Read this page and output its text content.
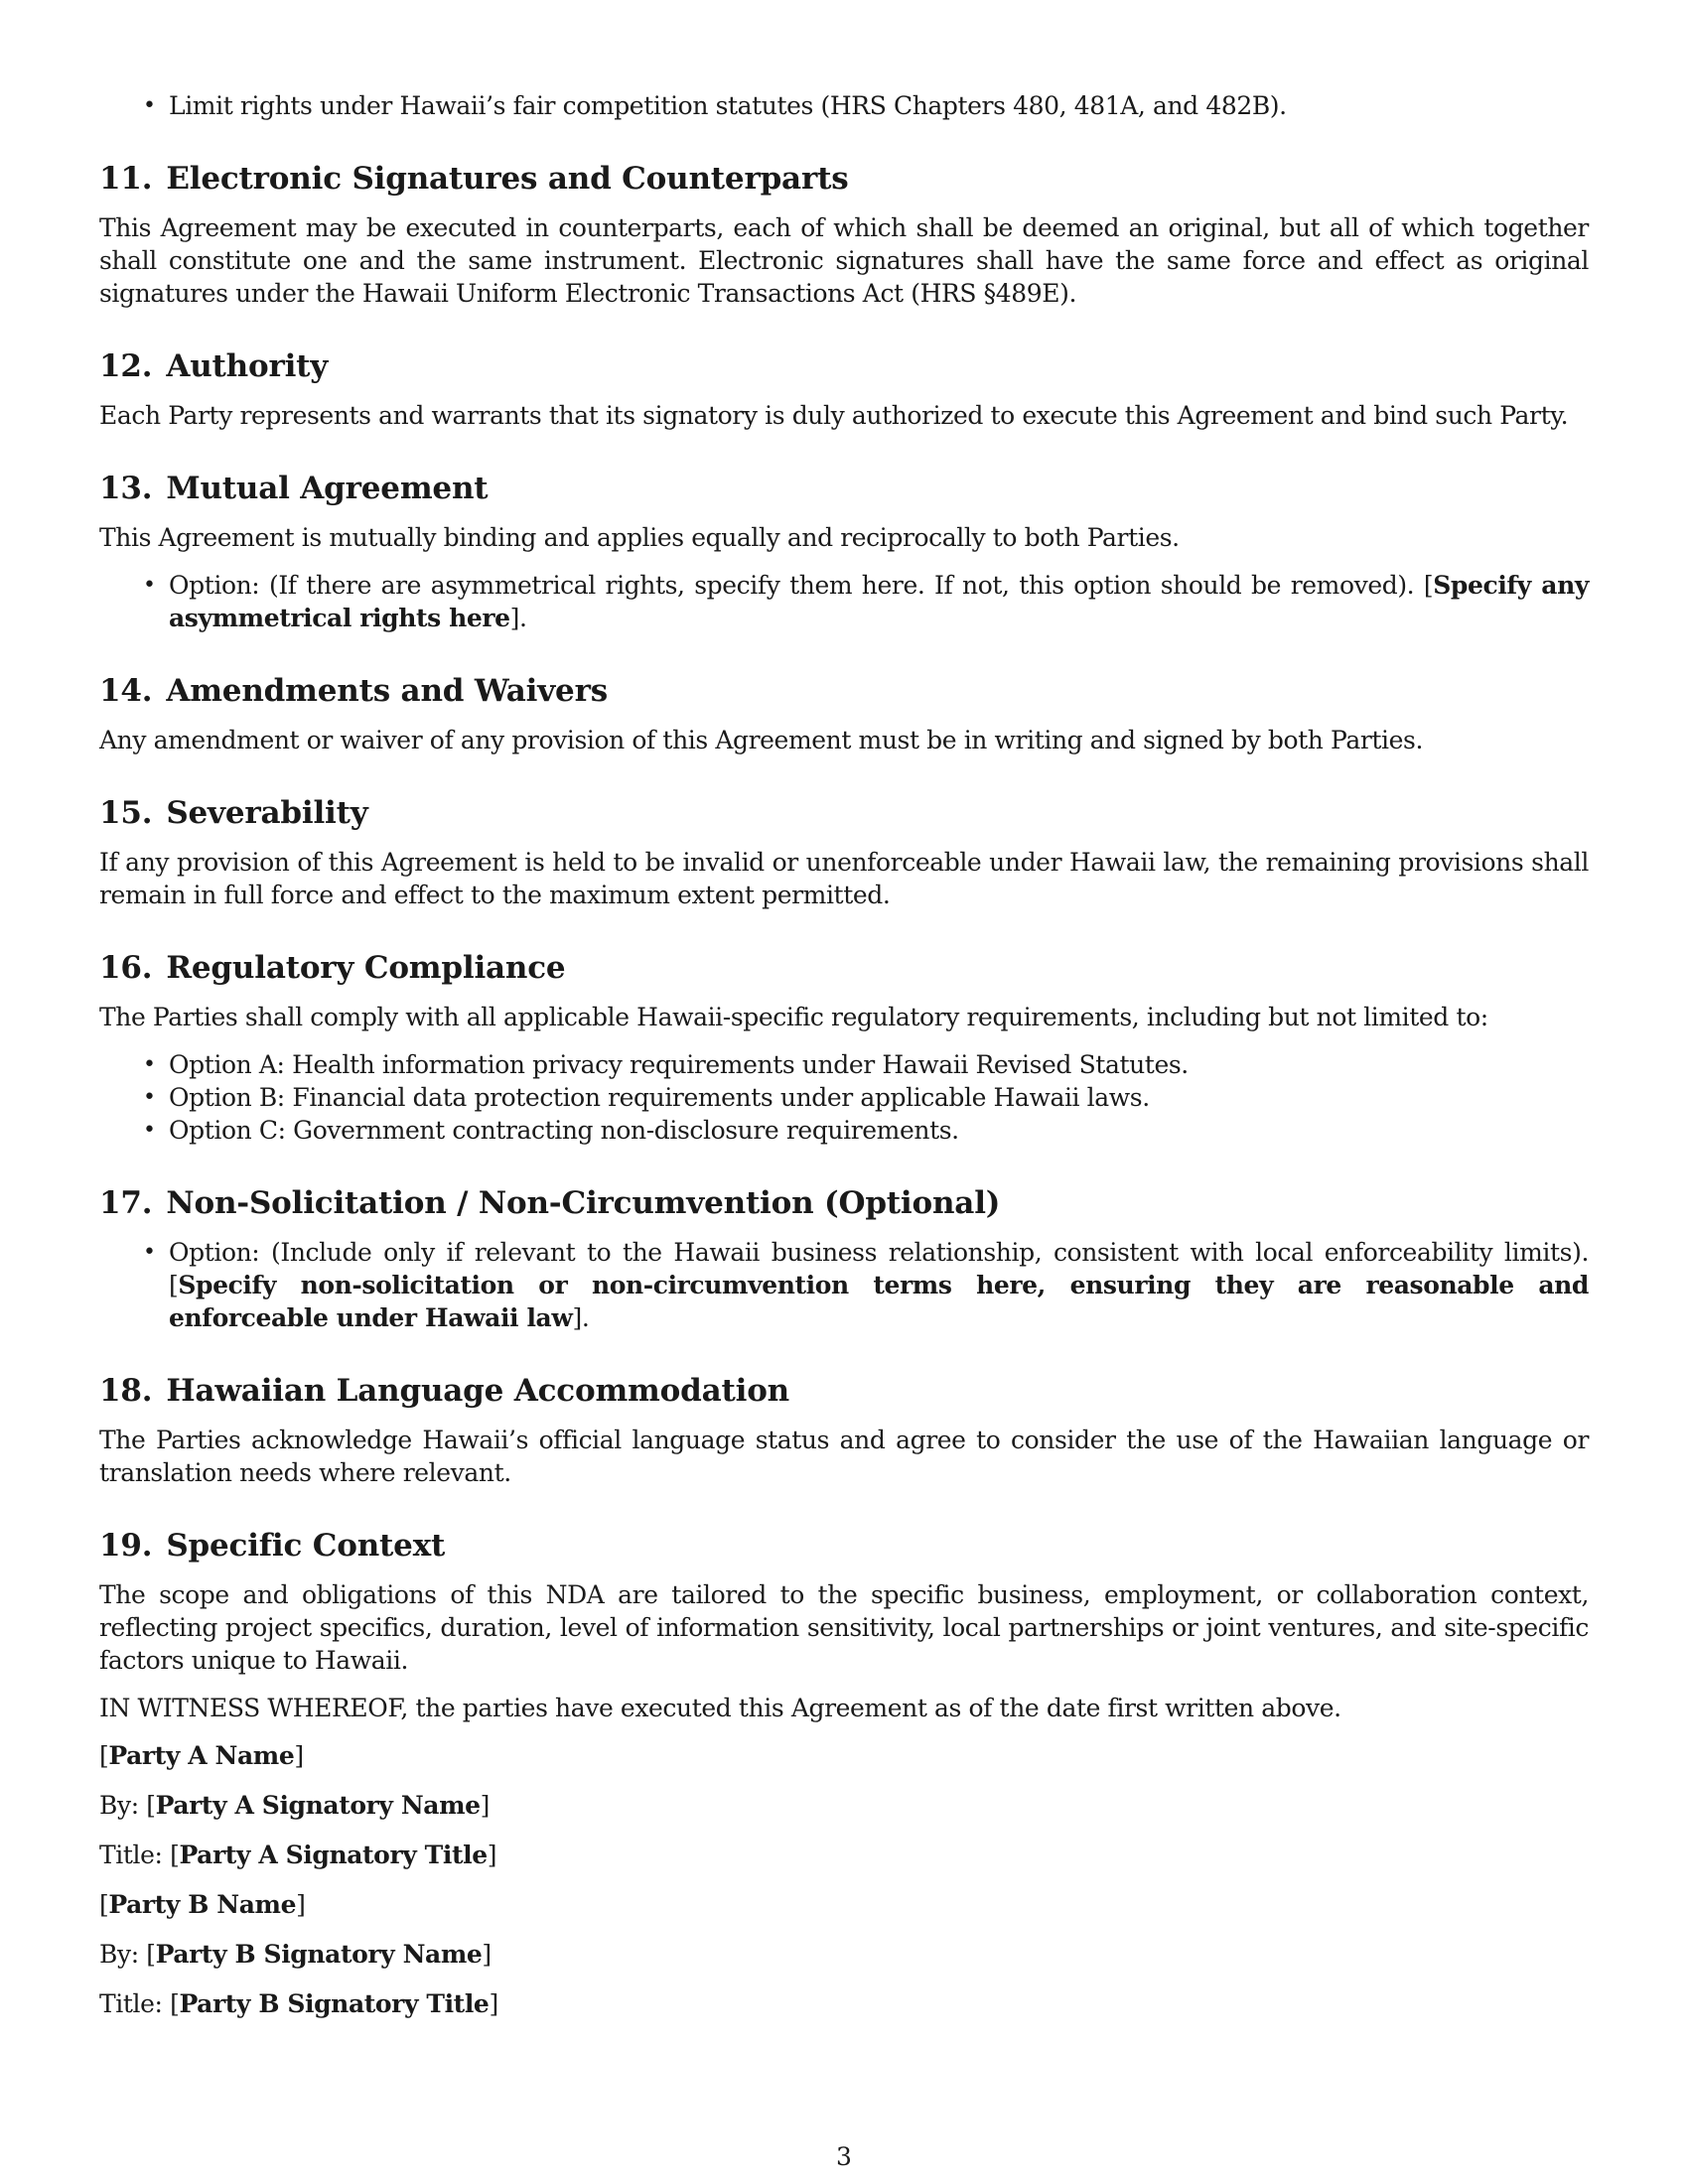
• Limit rights under Hawaii’s fair competition statutes (HRS Chapters 480, 481A, and 482B).
11. Electronic Signatures and Counterparts

This Agreement may be executed in counterparts, each of which shall be deemed an original, but all of which together shall constitute one and the same instrument. Electronic signatures shall have the same force and effect as original signatures under the Hawaii Uniform Electronic Transactions Act (HRS §489E).

12. Authority

Each Party represents and warrants that its signatory is duly authorized to execute this Agreement and bind such Party.

13. Mutual Agreement

This Agreement is mutually binding and applies equally and reciprocally to both Parties.

• Option: (If there are asymmetrical rights, specify them here. If not, this option should be removed). [Specify any asymmetrical rights here].
14. Amendments and Waivers

Any amendment or waiver of any provision of this Agreement must be in writing and signed by both Parties.

15. Severability

If any provision of this Agreement is held to be invalid or unenforceable under Hawaii law, the remaining provisions shall remain in full force and effect to the maximum extent permitted.

16. Regulatory Compliance

The Parties shall comply with all applicable Hawaii-specific regulatory requirements, including but not limited to:

• Option A: Health information privacy requirements under Hawaii Revised Statutes.
• Option B: Financial data protection requirements under applicable Hawaii laws.
• Option C: Government contracting non-disclosure requirements.
17. Non-Solicitation / Non-Circumvention (Optional)
• Option: (Include only if relevant to the Hawaii business relationship, consistent with local enforceability limits). [Specify non-solicitation or non-circumvention terms here, ensuring they are reasonable and enforceable under Hawaii law].
18. Hawaiian Language Accommodation

The Parties acknowledge Hawaii’s official language status and agree to consider the use of the Hawaiian language or translation needs where relevant.

19. Specific Context

The scope and obligations of this NDA are tailored to the specific business, employment, or collaboration context, reflecting project specifics, duration, level of information sensitivity, local partnerships or joint ventures, and site-specific factors unique to Hawaii.

IN WITNESS WHEREOF, the parties have executed this Agreement as of the date first written above.

[Party A Name]
By: [Party A Signatory Name]
Title: [Party A Signatory Title]
[Party B Name]
By: [Party B Signatory Name]
Title: [Party B Signatory Title]
3
